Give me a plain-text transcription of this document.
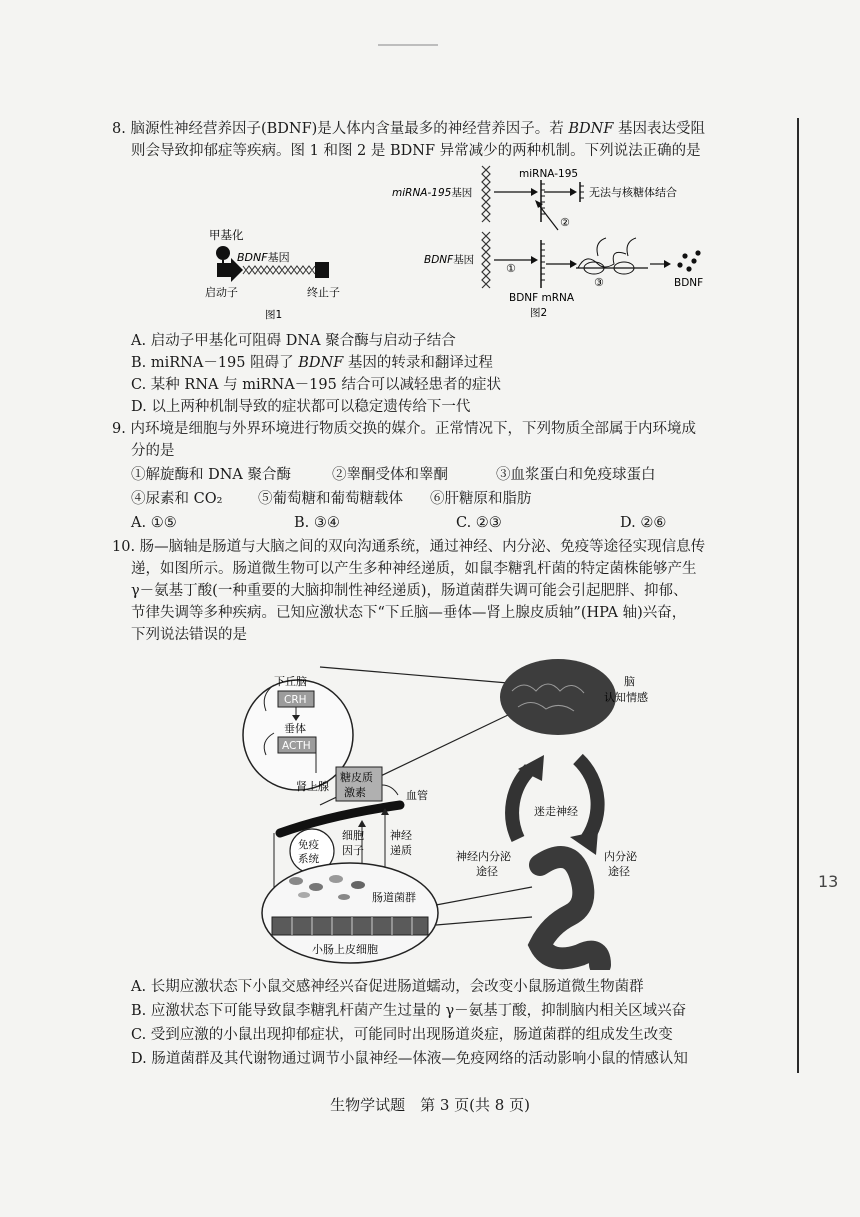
13
8. 脑源性神经营养因子(BDNF)是人体内含量最多的神经营养因子。若 BDNF 基因表达受阻
则会导致抑郁症等疾病。图 1 和图 2 是 BDNF 异常减少的两种机制。下列说法正确的是
甲基化
BDNF基因
启动子	终止子
图1
miRNA-195基因
miRNA-195
无法与核糖体结合
②
BDNF基因
①
③	BDNF
BDNF mRNA
图2
A. 启动子甲基化可阻碍 DNA 聚合酶与启动子结合
B. miRNA－195 阻碍了 BDNF 基因的转录和翻译过程
C. 某种 RNA 与 miRNA－195 结合可以减轻患者的症状
D. 以上两种机制导致的症状都可以稳定遗传给下一代
9. 内环境是细胞与外界环境进行物质交换的媒介。正常情况下，下列物质全部属于内环境成
分的是
①解旋酶和 DNA 聚合酶	②睾酮受体和睾酮	③血浆蛋白和免疫球蛋白
④尿素和 CO₂ ⑤葡萄糖和葡萄糖载体 ⑥肝糖原和脂肪
A. ①⑤	B. ③④	C. ②③	D. ②⑥
10. 肠—脑轴是肠道与大脑之间的双向沟通系统，通过神经、内分泌、免疫等途径实现信息传
递，如图所示。肠道微生物可以产生多种神经递质，如鼠李糖乳杆菌的特定菌株能够产生
γ－氨基丁酸(一种重要的大脑抑制性神经递质)，肠道菌群失调可能会引起肥胖、抑郁、
节律失调等多种疾病。已知应激状态下“下丘脑—垂体—肾上腺皮质轴”(HPA 轴)兴奋，
下列说法错误的是
下丘脑
CRH
垂体
ACTH
肾上腺
糖皮质
激素	血管
免疫
系统
细胞
因子
神经
递质
肠道菌群
小肠上皮细胞
脑
认知情感
迷走神经
神经内分泌
途径
内分泌
途径
A. 长期应激状态下小鼠交感神经兴奋促进肠道蠕动，会改变小鼠肠道微生物菌群
B. 应激状态下可能导致鼠李糖乳杆菌产生过量的 γ－氨基丁酸，抑制脑内相关区域兴奋
C. 受到应激的小鼠出现抑郁症状，可能同时出现肠道炎症，肠道菌群的组成发生改变
D. 肠道菌群及其代谢物通过调节小鼠神经—体液—免疫网络的活动影响小鼠的情感认知
生物学试题　第 3 页(共 8 页)
